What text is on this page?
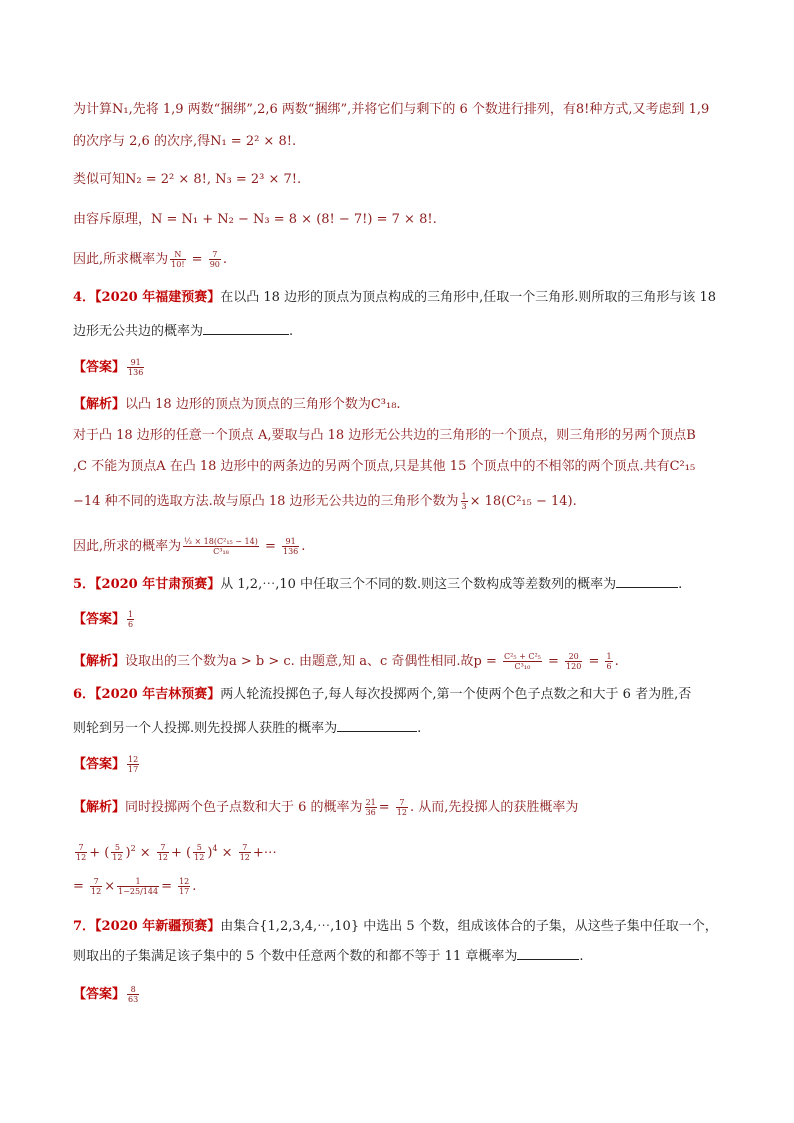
为计算N₁,先将 1,9 两数“捆绑”,2,6 两数“捆绑”,并将它们与剩下的 6 个数进行排列，有8!种方式,又考虑到 1,9
的次序与 2,6 的次序,得N₁ = 2² × 8!.
类似可知N₂ = 2² × 8!, N₃ = 2³ × 7!.
由容斥原理，N = N₁ + N₂ − N₃ = 8 × (8! − 7!) = 7 × 8!.
因此,所求概率为 $\frac{N}{10!} = \frac{7}{90}$ .
4．【2020 年福建预赛】在以凸 18 边形的顶点为顶点构成的三角形中,任取一个三角形.则所取的三角形与该 18
边形无公共边的概率为	.
【答案】 $\frac{91}{136}$
【解析】以凸 18 边形的顶点为顶点的三角形个数为C³₁₈.
对于凸 18 边形的任意一个顶点 A,要取与凸 18 边形无公共边的三角形的一个顶点，则三角形的另两个顶点B
,C 不能为顶点A 在凸 18 边形中的两条边的另两个顶点,只是其他 15 个顶点中的不相邻的两个顶点.共有C²₁₅
−14 种不同的选取方法.故与原凸 18 边形无公共边的三角形个数为 $\frac{1}{3} \times 18(C^2_{15} - 14)$.
因此,所求的概率为 $\frac{\text{⅓ × 18(C²₁₅ − 14)}}{\text{C³₁₈}} = \frac{91}{136}$ .
5．【2020 年甘肃预赛】从 1,2,⋯,10 中任取三个不同的数.则这三个数构成等差数列的概率为	.
【答案】 $\frac{1}{6}$
【解析】设取出的三个数为a > b > c. 由题意,知 a、c 奇偶性相同.故$p = \frac{\text{C²₅ + C²₅}}{\text{C³₁₀}} = \frac{20}{120} = \frac{1}{6}$ .
6．【2020 年吉林预赛】两人轮流投掷色子,每人每次投掷两个,第一个使两个色子点数之和大于 6 者为胜,否
则轮到另一个人投掷.则先投掷人获胜的概率为	.
【答案】 $\frac{12}{17}$
【解析】同时投掷两个色子点数和大于 6 的概率为 $\frac{21}{36} = \frac{7}{12}$ . 从而,先投掷人的获胜概率为
$\frac{7}{12}$ + ( $\frac{5}{12} )^2 \times \frac{7}{12}$ + ( $\frac{5}{12} )^4 \times \frac{7}{12}$ +⋯
= $\frac{7}{12} \times \frac{1}{1-25/144} = \frac{12}{17}$ .
7．【2020 年新疆预赛】由集合{1,2,3,4,⋯,10} 中选出 5 个数，组成该体合的子集，从这些子集中任取一个，
则取出的子集满足该子集中的 5 个数中任意两个数的和都不等于 11 章概率为	.
【答案】 $\frac{8}{63}$
